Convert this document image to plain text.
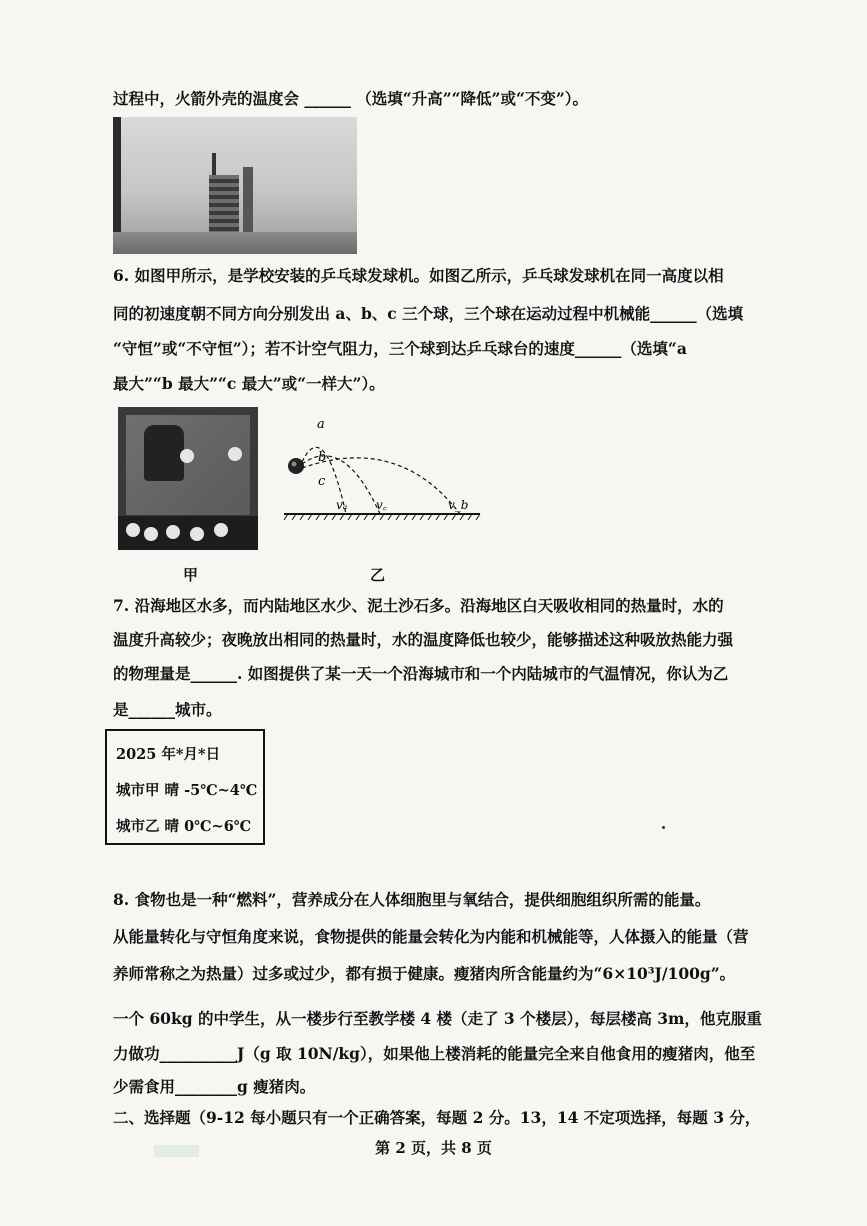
过程中，火箭外壳的温度会 ______ （选填“升高”“降低”或“不变”）。
6. 如图甲所示，是学校安装的乒乓球发球机。如图乙所示，乒乓球发球机在同一高度以相
同的初速度朝不同方向分别发出 a、b、c 三个球，三个球在运动过程中机械能______（选填
“守恒”或“不守恒”）；若不计空气阻力，三个球到达乒乓球台的速度______（选填“a
最大”“b 最大”“c 最大”或“一样大”）。
a
b
c
vₐ v꜀	v_b
甲	乙
7. 沿海地区水多，而内陆地区水少、泥土沙石多。沿海地区白天吸收相同的热量时，水的
温度升高较少；夜晚放出相同的热量时，水的温度降低也较少，能够描述这种吸放热能力强
的物理量是______. 如图提供了某一天一个沿海城市和一个内陆城市的气温情况，你认为乙
是______城市。
2025 年*月*日
城市甲 晴 -5℃~4℃
城市乙 晴 0℃~6℃
8. 食物也是一种“燃料”，营养成分在人体细胞里与氧结合，提供细胞组织所需的能量。
从能量转化与守恒角度来说，食物提供的能量会转化为内能和机械能等，人体摄入的能量（营
养师常称之为热量）过多或过少，都有损于健康。瘦猪肉所含能量约为“6×10³J/100g”。
一个 60kg 的中学生，从一楼步行至教学楼 4 楼（走了 3 个楼层），每层楼高 3m，他克服重
力做功__________J（g 取 10N/kg），如果他上楼消耗的能量完全来自他食用的瘦猪肉，他至
少需食用________g 瘦猪肉。
二、选择题（9-12 每小题只有一个正确答案，每题 2 分。13，14 不定项选择，每题 3 分，
第 2 页，共 8 页
